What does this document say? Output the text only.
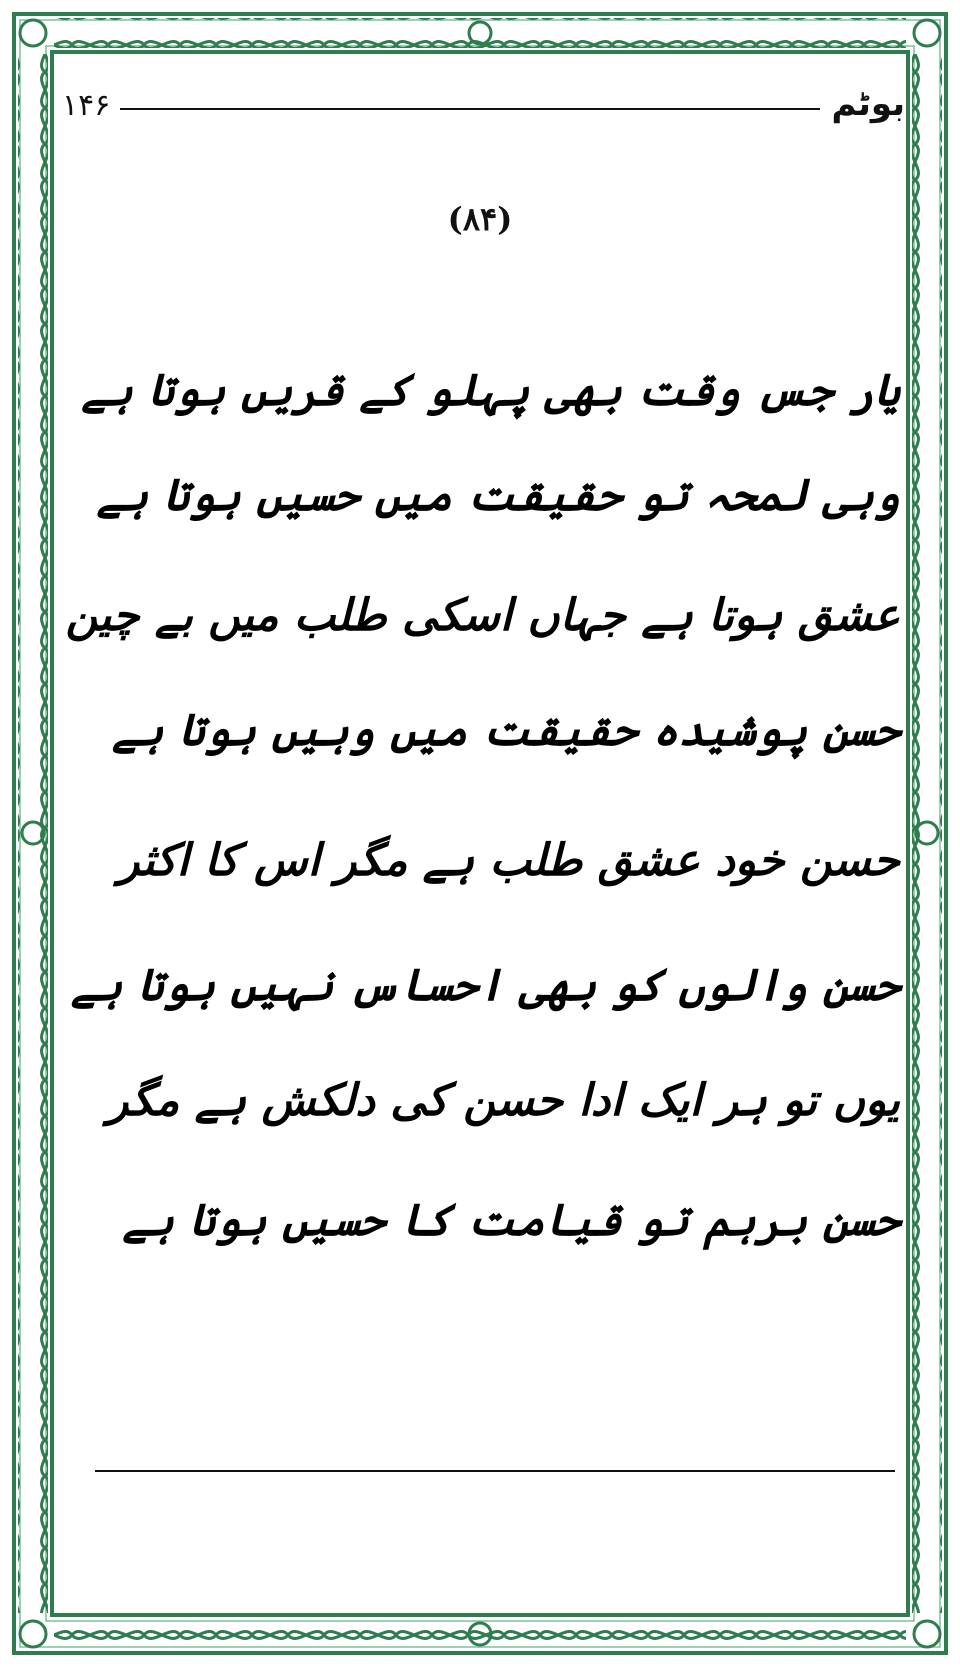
بوٹم
۱۴۶
(۸۴)
یار جس وقت بھی پہلو کے قریں ہوتا ہے
وہی لمحہ تو حقیقت میں حسیں ہوتا ہے
عشق ہوتا ہے جہاں اسکی طلب میں بے چین
حسن پوشیدہ حقیقت میں وہیں ہوتا ہے
حسن خود عشق طلب ہے مگر اس کا اکثر
حسن والوں کو بھی احساس نہیں ہوتا ہے
یوں تو ہر ایک ادا حسن کی دلکش ہے مگر
حسن برہم تو قیامت کا حسیں ہوتا ہے
